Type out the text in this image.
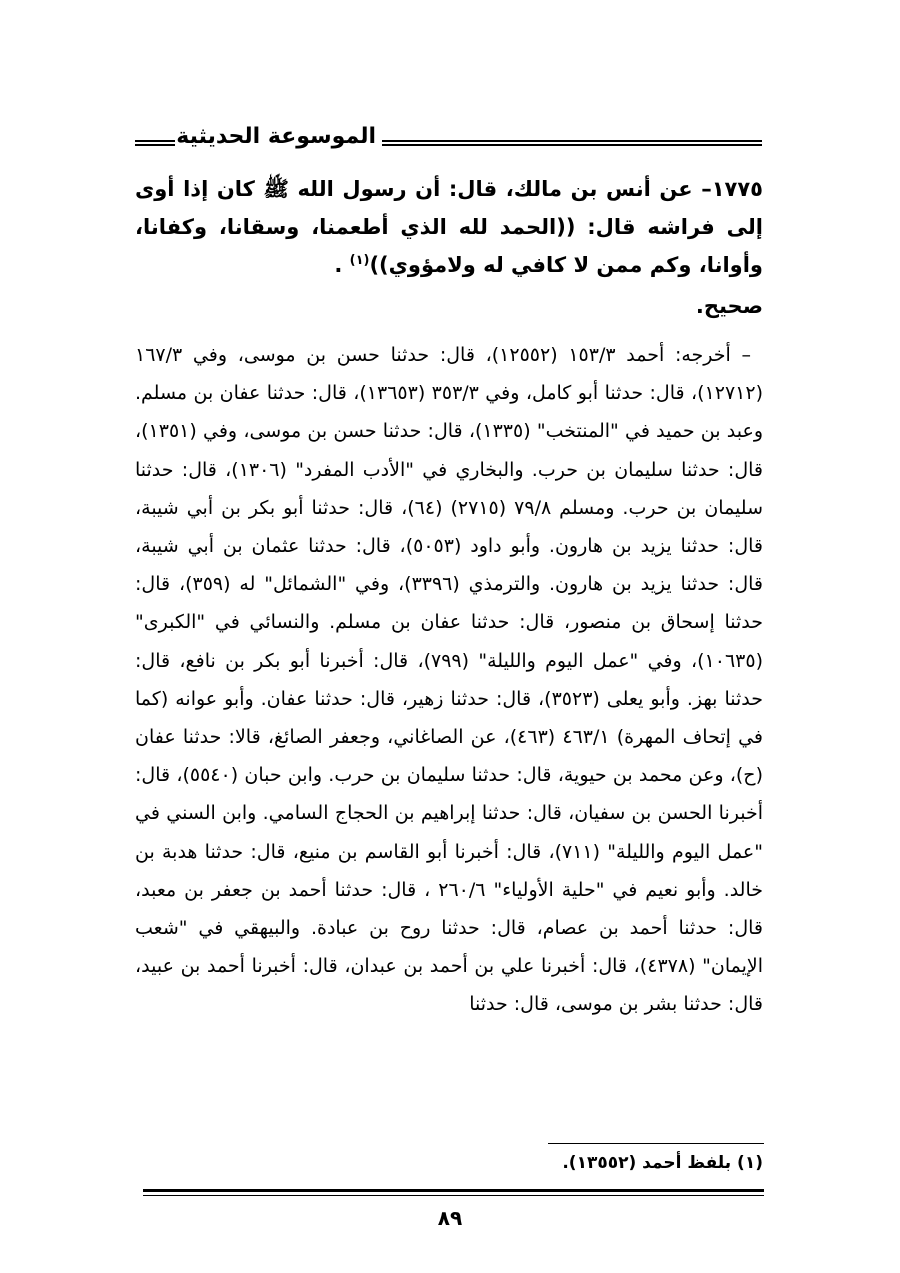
الموسوعة الحديثية
١٧٧٥– عن أنس بن مالك، قال: أن رسول الله ﷺ كان إذا أوى إلى فراشه قال: ((الحمد لله الذي أطعمنا، وسقانا، وكفانا، وأوانا، وكم ممن لا كافي له ولامؤوي))$^{(١)}$ .
صحيح.

– أخرجه: أحمد ١٥٣/٣ (١٢٥٥٢)، قال: حدثنا حسن بن موسى، وفي ١٦٧/٣ (١٢٧١٢)، قال: حدثنا أبو كامل، وفي ٣٥٣/٣ (١٣٦٥٣)، قال: حدثنا عفان بن مسلم. وعبد بن حميد في "المنتخب" (١٣٣٥)، قال: حدثنا حسن بن موسى، وفي (١٣٥١)، قال: حدثنا سليمان بن حرب. والبخاري في "الأدب المفرد" (١٣٠٦)، قال: حدثنا سليمان بن حرب. ومسلم ٧٩/٨ (٢٧١٥) (٦٤)، قال: حدثنا أبو بكر بن أبي شيبة، قال: حدثنا يزيد بن هارون. وأبو داود (٥٠٥٣)، قال: حدثنا عثمان بن أبي شيبة، قال: حدثنا يزيد بن هارون. والترمذي (٣٣٩٦)، وفي "الشمائل" له (٣٥٩)، قال: حدثنا إسحاق بن منصور، قال: حدثنا عفان بن مسلم. والنسائي في "الكبرى" (١٠٦٣٥)، وفي "عمل اليوم والليلة" (٧٩٩)، قال: أخبرنا أبو بكر بن نافع، قال: حدثنا بهز. وأبو يعلى (٣٥٢٣)، قال: حدثنا زهير، قال: حدثنا عفان. وأبو عوانه (كما في إتحاف المهرة) ٤٦٣/١ (٤٦٣)، عن الصاغاني، وجعفر الصائغ، قالا: حدثنا عفان (ح)، وعن محمد بن حيوية، قال: حدثنا سليمان بن حرب. وابن حبان (٥٥٤٠)، قال: أخبرنا الحسن بن سفيان، قال: حدثنا إبراهيم بن الحجاج السامي. وابن السني في "عمل اليوم والليلة" (٧١١)، قال: أخبرنا أبو القاسم بن منيع، قال: حدثنا هدبة بن خالد. وأبو نعيم في "حلية الأولياء" ٢٦٠/٦ ، قال: حدثنا أحمد بن جعفر بن معبد، قال: حدثنا أحمد بن عصام، قال: حدثنا روح بن عبادة. والبيهقي في "شعب الإيمان" (٤٣٧٨)، قال: أخبرنا علي بن أحمد بن عبدان، قال: أخبرنا أحمد بن عبيد، قال: حدثنا بشر بن موسى، قال: حدثنا

(١) بلفظ أحمد (١٣٥٥٢).
٨٩
